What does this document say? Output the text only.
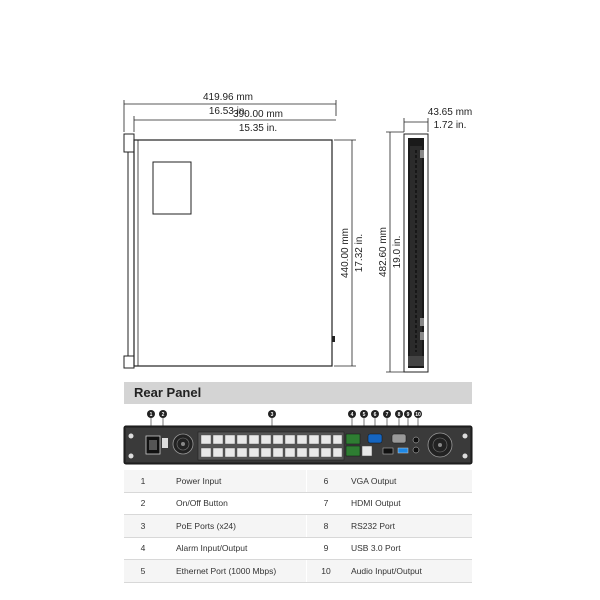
419.96 mm
16.53 in.
390.00 mm
15.35 in.
440.00 mm 17.32 in. 482.60 mm 19.0 in.
43.65 mm
1.72 in.
Rear Panel
1 2	3	4 5 6 7 8 9 10
1	Power Input		6	VGA Output
2	On/Off Button		7	HDMI Output
3	PoE Ports (x24)		8	RS232 Port
4	Alarm Input/Output		9	USB 3.0 Port
5	Ethernet Port (1000 Mbps)		10	Audio Input/Output
